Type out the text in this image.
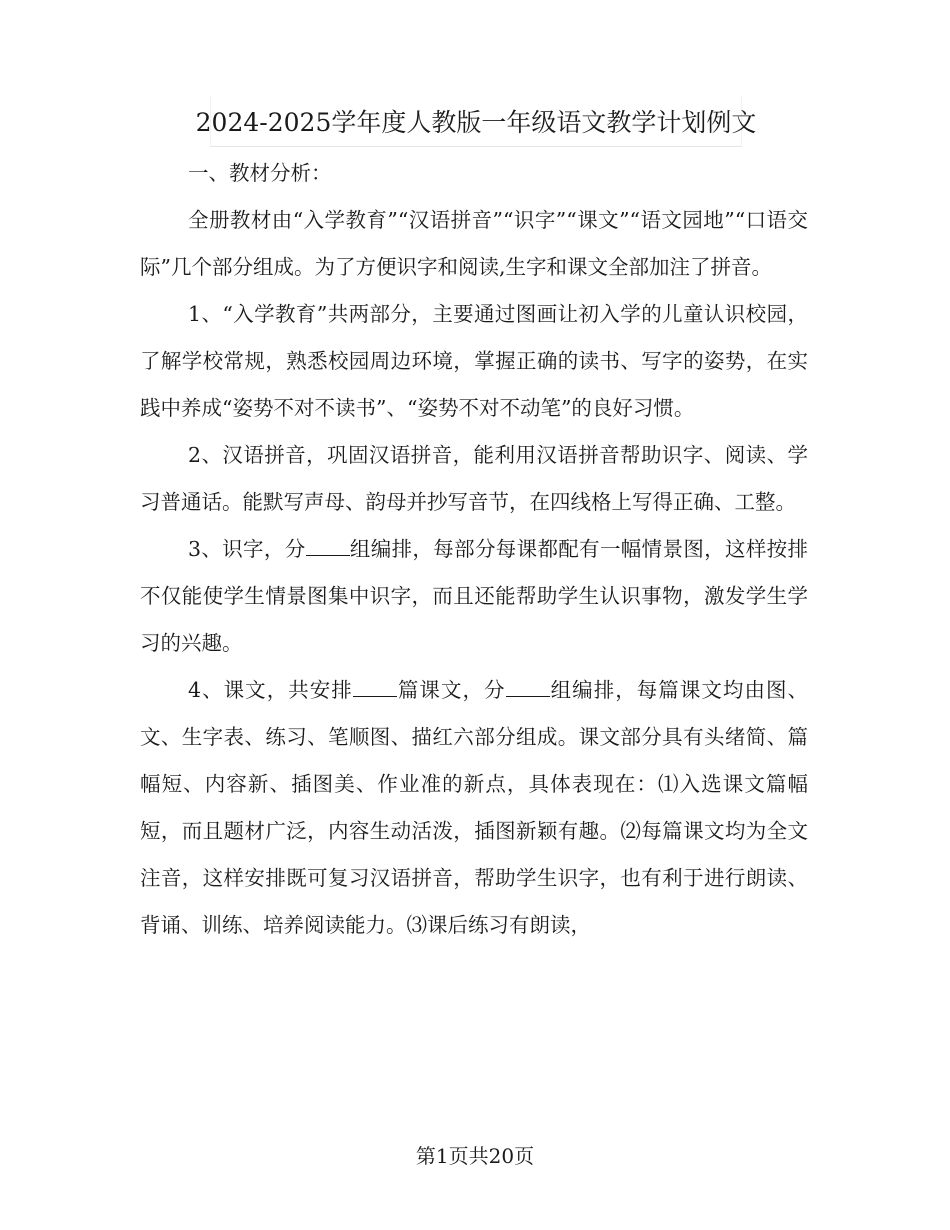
2024-2025学年度人教版一年级语文教学计划例文

一、教材分析：

全册教材由“入学教育”“汉语拼音”“识字”“课文”“语文园地”“口语交际”几个部分组成。为了方便识字和阅读,生字和课文全部加注了拼音。

1、“入学教育”共两部分，主要通过图画让初入学的儿童认识校园，了解学校常规，熟悉校园周边环境，掌握正确的读书、写字的姿势，在实践中养成“姿势不对不读书”、“姿势不对不动笔”的良好习惯。

2、汉语拼音，巩固汉语拼音，能利用汉语拼音帮助识字、阅读、学习普通话。能默写声母、韵母并抄写音节，在四线格上写得正确、工整。

3、识字，分 组编排，每部分每课都配有一幅情景图，这样按排不仅能使学生情景图集中识字，而且还能帮助学生认识事物，激发学生学习的兴趣。

4、课文，共安排 篇课文，分 组编排，每篇课文均由图、文、生字表、练习、笔顺图、描红六部分组成。课文部分具有头绪简、篇幅短、内容新、插图美、作业准的新点，具体表现在：⑴入选课文篇幅短，而且题材广泛，内容生动活泼，插图新颖有趣。⑵每篇课文均为全文注音，这样安排既可复习汉语拼音，帮助学生识字，也有利于进行朗读、背诵、训练、培养阅读能力。⑶课后练习有朗读，

第1页共20页
